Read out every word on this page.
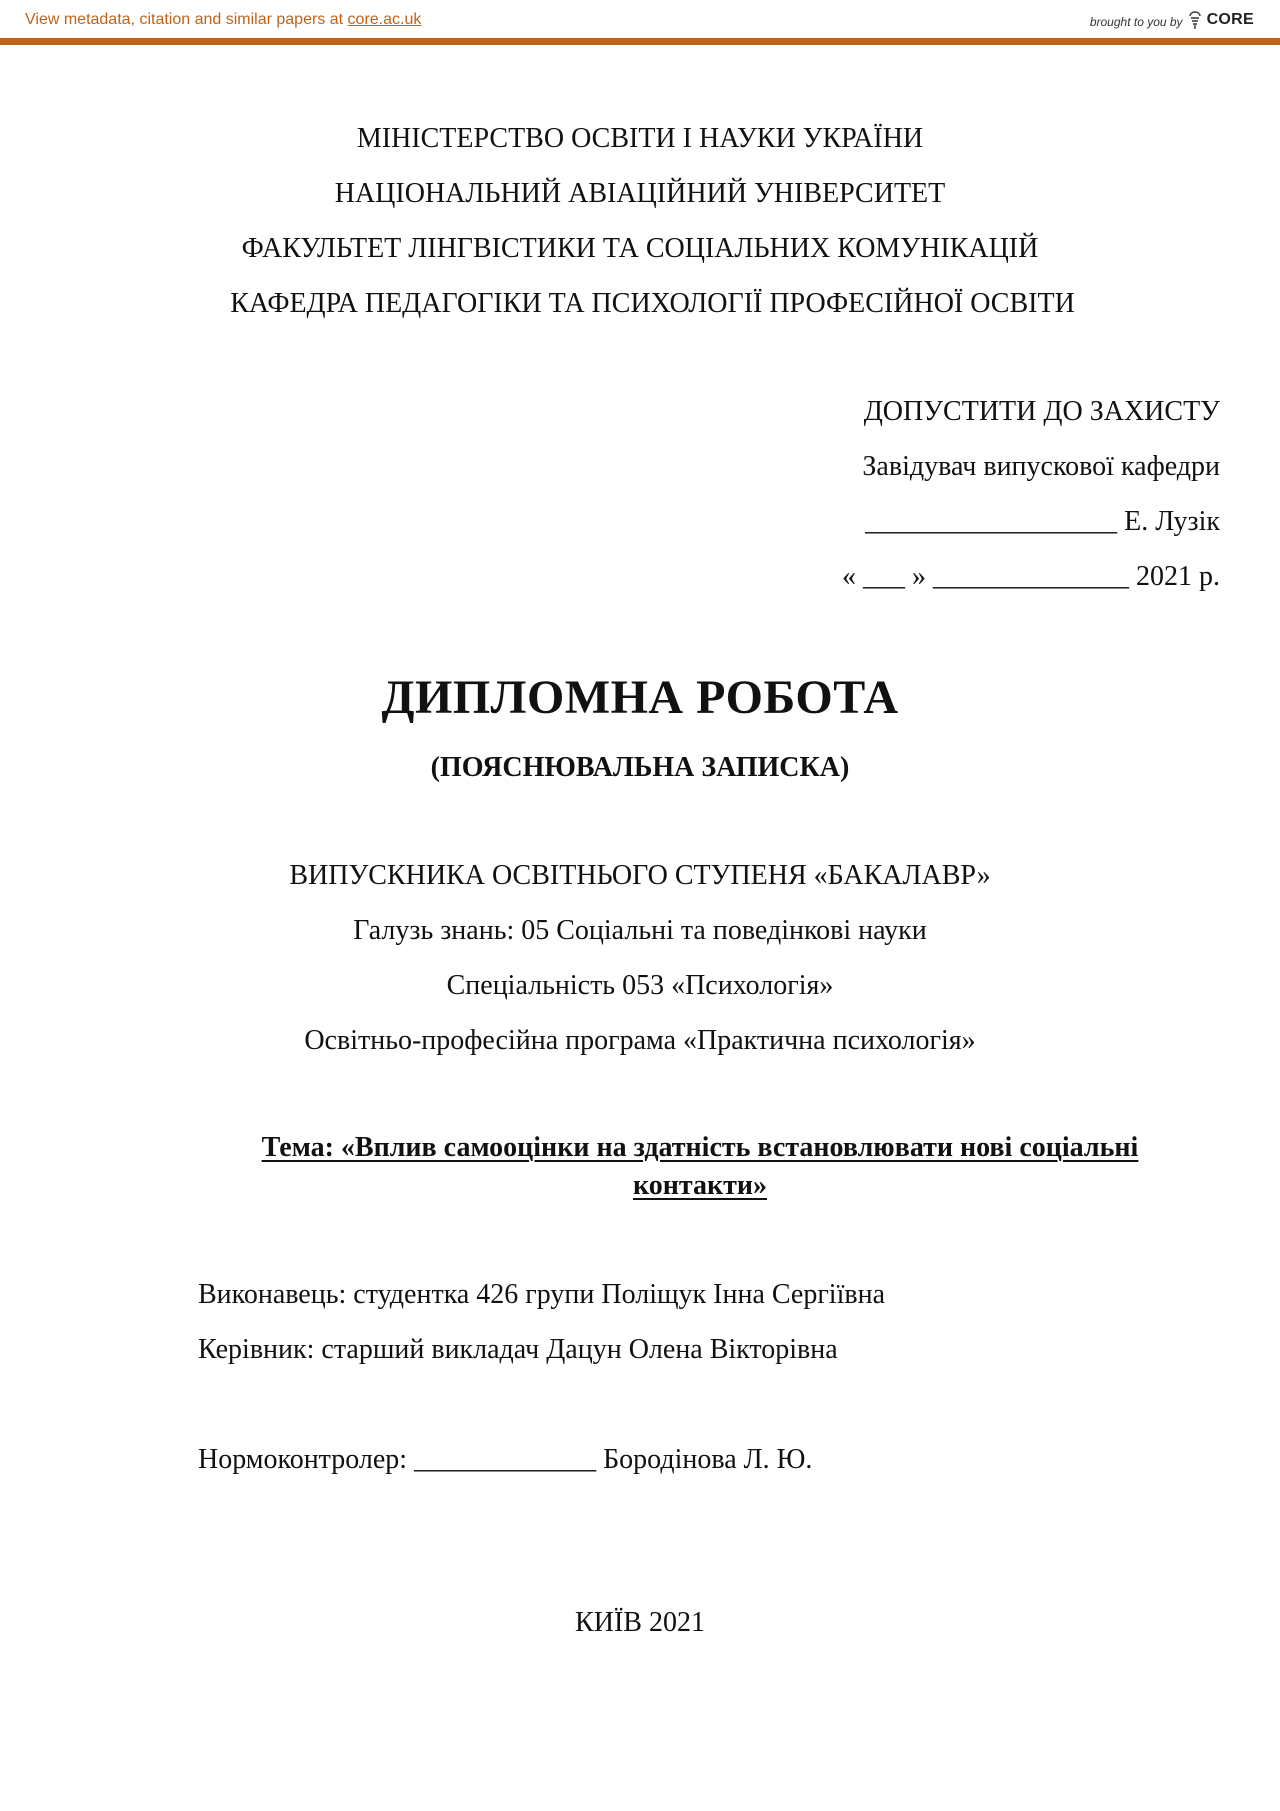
View metadata, citation and similar papers at core.ac.uk	brought to you by CORE
МІНІСТЕРСТВО ОСВІТИ І НАУКИ УКРАЇНИ
НАЦІОНАЛЬНИЙ АВІАЦІЙНИЙ УНІВЕРСИТЕТ
ФАКУЛЬТЕТ ЛІНГВІСТИКИ ТА СОЦІАЛЬНИХ КОМУНІКАЦІЙ
КАФЕДРА ПЕДАГОГІКИ ТА ПСИХОЛОГІЇ ПРОФЕСІЙНОЇ ОСВІТИ
ДОПУСТИТИ ДО ЗАХИСТУ
Завідувач випускової кафедри
__________________ Е. Лузік
« ___ » ______________ 2021 р.
ДИПЛОМНА РОБОТА
(ПОЯСНЮВАЛЬНА ЗАПИСКА)
ВИПУСКНИКА ОСВІТНЬОГО СТУПЕНЯ «БАКАЛАВР»
Галузь знань: 05 Соціальні та поведінкові науки
Спеціальність 053 «Психологія»
Освітньо-професійна програма «Практична психологія»
Тема: «Вплив самооцінки на здатність встановлювати нові соціальні контакти»
Виконавець: студентка 426 групи Поліщук Інна Сергіївна
Керівник: старший викладач Дацун Олена Вікторівна
Нормоконтролер: _____________ Бородінова Л. Ю.
КИЇВ 2021
